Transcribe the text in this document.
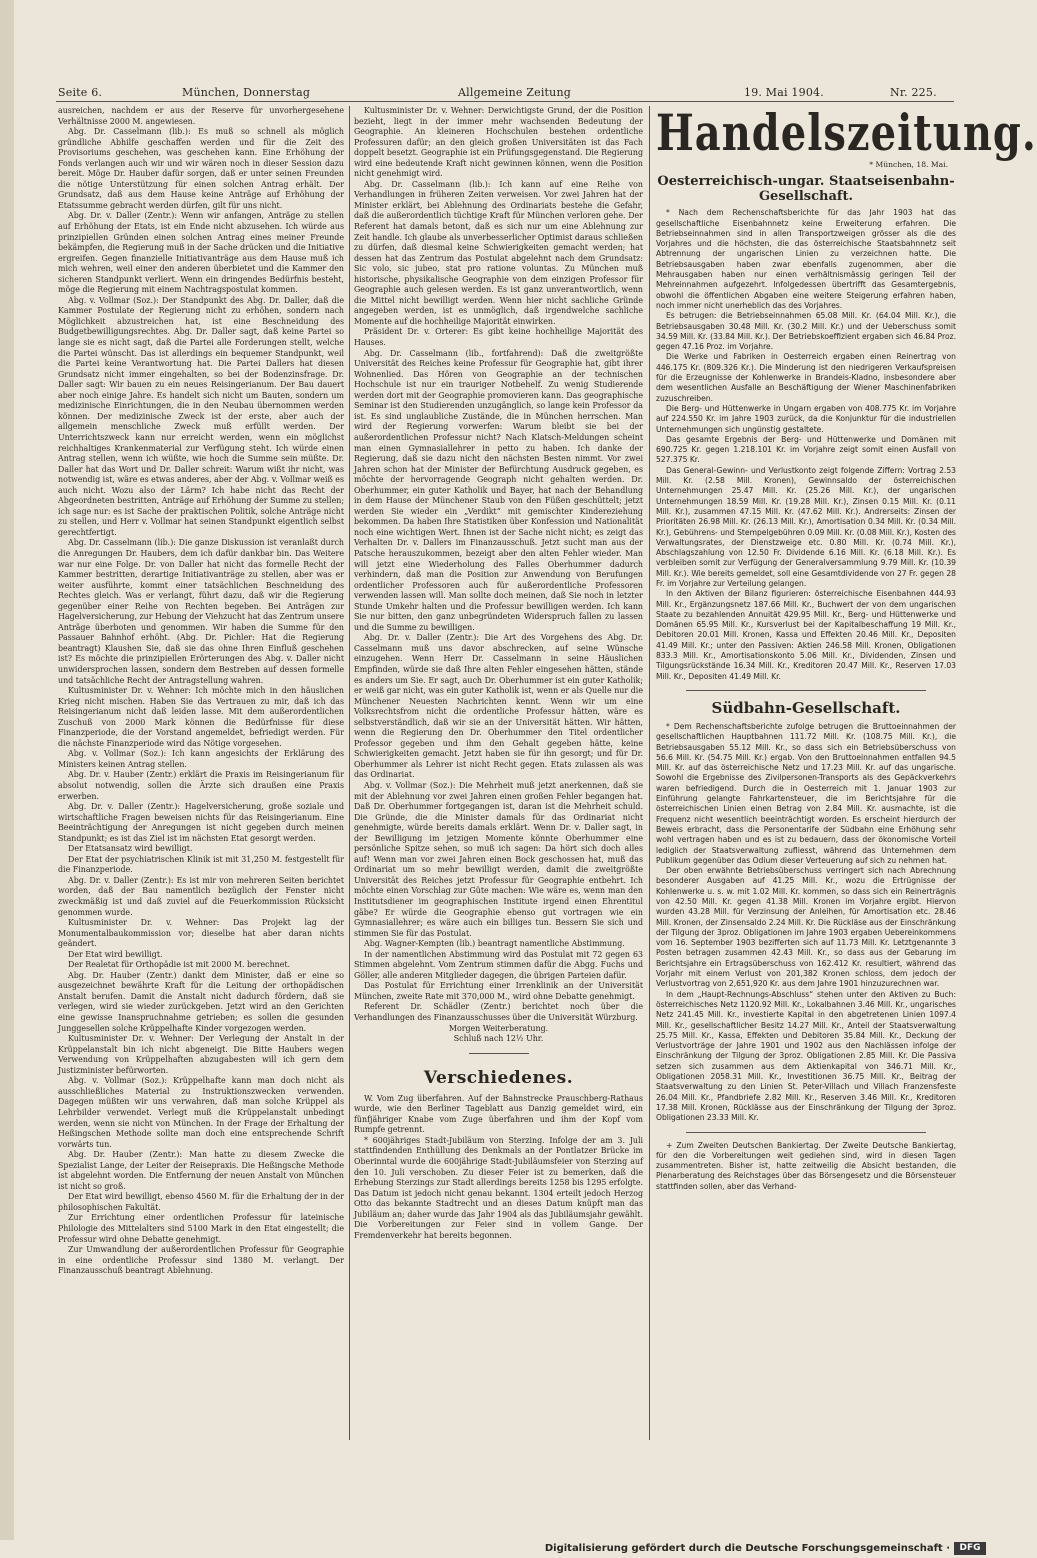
Seite 6.	München, Donnerstag	Allgemeine Zeitung	19. Mai 1904.	Nr. 225.

ausreichen, nachdem er aus der Reserve für unvorhergesehene Verhältnisse 2000 M. angewiesen.

Abg. Dr. Casselmann (lib.): Es muß so schnell als möglich gründliche Abhilfe geschaffen werden und für die Zeit des Provisoriums geschehen, was geschehen kann. Eine Erhöhung der Fonds verlangen auch wir und wir wären noch in dieser Session dazu bereit. Möge Dr. Hauber dafür sorgen, daß er unter seinen Freunden die nötige Unterstützung für einen solchen Antrag erhält. Der Grundsatz, daß aus dem Hause keine Anträge auf Erhöhung der Etatssumme gebracht werden dürfen, gilt für uns nicht.

Abg. Dr. v. Daller (Zentr.): Wenn wir anfangen, Anträge zu stellen auf Erhöhung der Etats, ist ein Ende nicht abzusehen. Ich würde aus prinzipiellen Gründen einen solchen Antrag eines meiner Freunde bekämpfen, die Regierung muß in der Sache drücken und die Initiative ergreifen. Gegen finanzielle Initiativanträge aus dem Hause muß ich mich wehren, weil einer den anderen überbietet und die Kammer den sicheren Standpunkt verliert. Wenn ein dringendes Bedürfnis besteht, möge die Regierung mit einem Nachtragspostulat kommen.

Abg. v. Vollmar (Soz.): Der Standpunkt des Abg. Dr. Daller, daß die Kammer Postulate der Regierung nicht zu erhöhen, sondern nach Möglichkeit abzustreichen hat, ist eine Beschneidung des Budgetbewilligungsrechtes. Abg. Dr. Daller sagt, daß keine Partei so lange sie es nicht sagt, daß die Partei alle Forderungen stellt, welche die Partei wünscht. Das ist allerdings ein bequemer Standpunkt, weil die Partei keine Verantwortung hat. Die Partei Dallers hat diesen Grundsatz nicht immer eingehalten, so bei der Bodenzinsfrage. Dr. Daller sagt: Wir bauen zu ein neues Reisingerianum. Der Bau dauert aber noch einige Jahre. Es handelt sich nicht um Bauten, sondern um medizinische Einrichtungen, die in den Neubau übernommen werden können. Der medizinische Zweck ist der erste, aber auch der allgemein menschliche Zweck muß erfüllt werden. Der Unterrichtszweck kann nur erreicht werden, wenn ein möglichst reichhaltiges Krankenmaterial zur Verfügung steht. Ich würde einen Antrag stellen, wenn ich wüßte, wie hoch die Summe sein müßte. Dr. Daller hat das Wort und Dr. Daller schreit: Warum wißt ihr nicht, was notwendig ist, wäre es etwas anderes, aber der Abg. v. Vollmar weiß es auch nicht. Wozu also der Lärm? Ich habe nicht das Recht der Abgeordneten bestritten, Anträge auf Erhöhung der Summe zu stellen; ich sage nur: es ist Sache der praktischen Politik, solche Anträge nicht zu stellen, und Herr v. Vollmar hat seinen Standpunkt eigentlich selbst gerechtfertigt.

Abg. Dr. Casselmann (lib.): Die ganze Diskussion ist veranlaßt durch die Anregungen Dr. Haubers, dem ich dafür dankbar bin. Das Weitere war nur eine Folge. Dr. von Daller hat nicht das formelle Recht der Kammer bestritten, derartige Initiativanträge zu stellen, aber was er weiter ausführte, kommt einer tatsächlichen Beschneidung des Rechtes gleich. Was er verlangt, führt dazu, daß wir die Regierung gegenüber einer Reihe von Rechten begeben. Bei Anträgen zur Hagelversicherung, zur Hebung der Viehzucht hat das Zentrum unsere Anträge überboten und genommen. Wir haben die Summe für den Passauer Bahnhof erhöht. (Abg. Dr. Pichler: Hat die Regierung beantragt) Klaushen Sie, daß sie das ohne Ihren Einfluß geschehen ist? Es möchte die prinzipiellen Erörterungen des Abg. v. Daller nicht unwidersprochen lassen, sondern dem Bestreben auf dessen formelle und tatsächliche Recht der Antragstellung wahren.

Kultusminister Dr. v. Wehner: Ich möchte mich in den häuslichen Krieg nicht mischen. Haben Sie das Vertrauen zu mir, daß ich das Reisingerianum nicht daß leiden lasse. Mit dem außerordentlichen Zuschuß von 2000 Mark können die Bedürfnisse für diese Finanzperiode, die der Vorstand angemeldet, befriedigt werden. Für die nächste Finanzperiode wird das Nötige vorgesehen.

Abg. v. Vollmar (Soz.): Ich kann angesichts der Erklärung des Ministers keinen Antrag stellen.

Abg. Dr. v. Hauber (Zentr.) erklärt die Praxis im Reisingerianum für absolut notwendig, sollen die Ärzte sich draußen eine Praxis erwerben.

Abg. Dr. v. Daller (Zentr.): Hagelversicherung, große soziale und wirtschaftliche Fragen beweisen nichts für das Reisingerianum. Eine Beeinträchtigung der Anregungen ist nicht gegeben durch meinen Standpunkt; es ist das Ziel ist im nächsten Etat gesorgt werden.

Der Etatsansatz wird bewilligt.

Der Etat der psychiatrischen Klinik ist mit 31,250 M. festgestellt für die Finanzperiode.

Abg. Dr. v. Daller (Zentr.): Es ist mir von mehreren Seiten berichtet worden, daß der Bau namentlich bezüglich der Fenster nicht zweckmäßig ist und daß zuviel auf die Feuerkommission Rücksicht genommen wurde.

Kultusminister Dr. v. Wehner: Das Projekt lag der Monumentalbaukommission vor; dieselbe hat aber daran nichts geändert.

Der Etat wird bewilligt.

Der Realetat für Orthopädie ist mit 2000 M. berechnet.

Abg. Dr. Hauber (Zentr.) dankt dem Minister, daß er eine so ausgezeichnet bewährte Kraft für die Leitung der orthopädischen Anstalt berufen. Damit die Anstalt nicht dadurch fördern, daß sie verlegen, wird sie wieder zurückgeben. Jetzt wird an den Gerichten eine gewisse Inanspruchnahme getrieben; es sollen die gesunden Junggesellen solche Krüppelhafte Kinder vorgezogen werden.

Kultusminister Dr. v. Wehner: Der Verlegung der Anstalt in der Krüppelanstalt bin ich nicht abgeneigt. Die Bitte Haubers wegen Verwendung von Krüppelhaften abzugabesten will ich gern dem Justizminister befürworten.

Abg. v. Vollmar (Soz.): Krüppelhafte kann man doch nicht als ausschließliches Material zu Instruktionszwecken verwenden. Dagegen müßten wir uns verwahren, daß man solche Krüppel als Lehrbilder verwendet. Verlegt muß die Krüppelanstalt unbedingt werden, wenn sie nicht von München. In der Frage der Erhaltung der Heßingschen Methode sollte man doch eine entsprechende Schrift vorwärts tun.

Abg. Dr. Hauber (Zentr.): Man hatte zu diesem Zwecke die Spezialist Lange, der Leiter der Reisepraxis. Die Heßingsche Methode ist abgelehnt worden. Die Entfernung der neuen Anstalt von München ist nicht so groß.

Der Etat wird bewilligt, ebenso 4560 M. für die Erhaltung der in der philosophischen Fakultät.

Zur Errichtung einer ordentlichen Professur für lateinische Philologie des Mittelalters sind 5100 Mark in den Etat eingestellt; die Professur wird ohne Debatte genehmigt.

Zur Umwandlung der außerordentlichen Professur für Geographie in eine ordentliche Professur sind 1380 M. verlangt. Der Finanzausschuß beantragt Ablehnung.

Kultusminister Dr. v. Wehner: Derwichtigste Grund, der die Position bezieht, liegt in der immer mehr wachsenden Bedeutung der Geographie. An kleineren Hochschulen bestehen ordentliche Professuren dafür; an den gleich großen Universitäten ist das Fach doppelt besetzt. Geographie ist ein Prüfungsgegenstand. Die Regierung wird eine bedeutende Kraft nicht gewinnen können, wenn die Position nicht genehmigt wird.

Abg. Dr. Casselmann (lib.): Ich kann auf eine Reihe von Verhandlungen in früheren Zeiten verweisen. Vor zwei Jahren hat der Minister erklärt, bei Ablehnung des Ordinariats bestehe die Gefahr, daß die außerordentlich tüchtige Kraft für München verloren gehe. Der Referent hat damals betont, daß es sich nur um eine Ablehnung zur Zeit handle. Ich glaube als unverbesserlicher Optimist daraus schließen zu dürfen, daß diesmal keine Schwierigkeiten gemacht werden; hat dessen hat das Zentrum das Postulat abgelehnt nach dem Grundsatz: Sic volo, sic jubeo, stat pro ratione voluntas. Zu München muß historische, physikalische Geographie von dem einzigen Professor für Geographie auch gelesen werden. Es ist ganz unverantwortlich, wenn die Mittel nicht bewilligt werden. Wenn hier nicht sachliche Gründe angegeben werden, ist es unmöglich, daß irgendwelche sachliche Momente auf die hochheilige Majorität einwirken.

Präsident Dr. v. Orterer: Es gibt keine hochheilige Majorität des Hauses.

Abg. Dr. Casselmann (lib., fortfahrend): Daß die zweitgrößte Universität des Reiches keine Professur für Geographie hat, gibt ihrer Wohnenlied. Das Hören von Geographie an der technischen Hochschule ist nur ein trauriger Notbehelf. Zu wenig Studierende werden dort mit der Geographie promovieren kann. Das geographische Seminar ist den Studierenden unzugänglich, so lange kein Professor da ist. Es sind unglaubliche Zustände, die in München herrschen. Man wird der Regierung vorwerfen: Warum bleibt sie bei der außerordentlichen Professur nicht? Nach Klatsch-Meldungen scheint man einen Gymnasiallehrer in petto zu haben. Ich danke der Regierung, daß sie dazu nicht den nächsten Besten nimmt. Vor zwei Jahren schon hat der Minister der Befürchtung Ausdruck gegeben, es möchte der hervorragende Geograph nicht gehalten werden. Dr. Oberhummer, ein guter Katholik und Bayer, hat nach der Behandlung in dem Hause der Münchener Staub von den Füßen geschüttelt; jetzt werden Sie wieder ein „Verdikt“ mit gemischter Kindereziehung bekommen. Da haben Ihre Statistiken über Konfession und Nationalität noch eine wichtigen Wert. Ihnen ist der Sache nicht nicht; es zeigt das Verhalten Dr. v. Dallers im Finanzausschuß. Jetzt sucht man aus der Patsche herauszukommen, bezeigt aber den alten Fehler wieder. Man will jetzt eine Wiederholung des Falles Oberhummer dadurch verhindern, daß man die Position zur Anwendung von Berufungen ordentlicher Professoren auch für außerordentliche Professoren verwenden lassen will. Man sollte doch meinen, daß Sie noch in letzter Stunde Umkehr halten und die Professur bewilligen werden. Ich kann Sie nur bitten, den ganz unbegründeten Widerspruch fallen zu lassen und die Summe zu bewilligen.

Abg. Dr. v. Daller (Zentr.): Die Art des Vorgehens des Abg. Dr. Casselmann muß uns davor abschrecken, auf seine Wünsche einzugehen. Wenn Herr Dr. Casselmann in seine Häuslichen Empfinden, würde sie daß Ihre alten Fehler eingesehen hätten, stände es anders um Sie. Er sagt, auch Dr. Oberhummer ist ein guter Katholik; er weiß gar nicht, was ein guter Katholik ist, wenn er als Quelle nur die Münchener Neuesten Nachrichten kennt. Wenn wir um eine Volksrechtsfrom nicht die ordentliche Professur hätten, wäre es selbstverständlich, daß wir sie an der Universität hätten. Wir hätten, wenn die Regierung den Dr. Oberhummer den Titel ordentlicher Professor gegeben und ihm den Gehalt gegeben hätte, keine Schwierigkeiten gemacht. Jetzt haben sie für ihn gesorgt; und für Dr. Oberhummer als Lehrer ist nicht Recht gegen. Etats zulassen als was das Ordinariat.

Abg. v. Vollmar (Soz.): Die Mehrheit muß jetzt anerkennen, daß sie mit der Ablehnung vor zwei Jahren einen großen Fehler begangen hat. Daß Dr. Oberhummer fortgegangen ist, daran ist die Mehrheit schuld. Die Gründe, die die Minister damals für das Ordinariat nicht genehmigte, würde bereits damals erklärt. Wenn Dr. v. Daller sagt, in der Bewilligung im jetzigen Momente könnte Oberhummer eine persönliche Spitze sehen, so muß ich sagen: Da hört sich doch alles auf! Wenn man vor zwei Jahren einen Bock geschossen hat, muß das Ordinariat um so mehr bewilligt werden, damit die zweitgrößte Universität des Reiches jetzt Professur für Geographie entbehrt. Ich möchte einen Vorschlag zur Güte machen: Wie wäre es, wenn man den Institutsdiener im geographischen Institute irgend einen Ehrentitul gäbe? Er würde die Geographie ebenso gut vortragen wie ein Gymnasiallehrer; es wäre auch ein billiges tun. Bessern Sie sich und stimmen Sie für das Postulat.

Abg. Wagner-Kempten (lib.) beantragt namentliche Abstimmung.

In der namentlichen Abstimmung wird das Postulat mit 72 gegen 63 Stimmen abgelehnt. Vom Zentrum stimmen dafür die Abgg. Fuchs und Göller, alle anderen Mitglieder dagegen, die übrigen Parteien dafür.

Das Postulat für Errichtung einer Irrenklinik an der Universität München, zweite Rate mit 370,000 M., wird ohne Debatte genehmigt.

Referent Dr. Schädler (Zentr.) berichtet noch über die Verhandlungen des Finanzausschusses über die Universität Würzburg.

Morgen Weiterberatung.

Schluß nach 12½ Uhr.

Verschiedenes.

W. Vom Zug überfahren. Auf der Bahnstrecke Prauschberg-Rathaus wurde, wie den Berliner Tageblatt aus Danzig gemeldet wird, ein fünfjähriger Knabe vom Zuge überfahren und ihm der Kopf vom Rumpfe getrennt.

* 600jähriges Stadt-Jubiläum von Sterzing. Infolge der am 3. Juli stattfindenden Enthüllung des Denkmals an der Pontlatzer Brücke im Oberinntal wurde die 600jährige Stadt-Jubiläumsfeier von Sterzing auf den 10. Juli verschoben. Zu dieser Feier ist zu bemerken, daß die Erhebung Sterzings zur Stadt allerdings bereits 1258 bis 1295 erfolgte. Das Datum ist jedoch nicht genau bekannt. 1304 erteilt jedoch Herzog Otto das bekannte Stadtrecht und an dieses Datum knüpft man das Jubiläum an; daher wurde das Jahr 1904 als das Jubiläumsjahr gewählt. Die Vorbereitungen zur Feier sind in vollem Gange. Der Fremdenverkehr hat bereits begonnen.

Handelszeitung.

* München, 18. Mai.

Oesterreichisch-ungar. Staatseisenbahn-Gesellschaft.

* Nach dem Rechenschaftsberichte für das Jahr 1903 hat das gesellschaftliche Eisenbahnnetz keine Erweiterung erfahren. Die Betriebseinnahmen sind in allen Transportzweigen grösser als die des Vorjahres und die höchsten, die das österreichische Staatsbahnnetz seit Abtrennung der ungarischen Linien zu verzeichnen hatte. Die Betriebsausgaben haben zwar ebenfalls zugenommen, aber die Mehrausgaben haben nur einen verhältnismässig geringen Teil der Mehreinnahmen aufgezehrt. Infolgedessen übertrifft das Gesamtergebnis, obwohl die öffentlichen Abgaben eine weitere Steigerung erfahren haben, noch immer nicht unerheblich das des Vorjahres.

Es betrugen: die Betriebseinnahmen 65.08 Mill. Kr. (64.04 Mill. Kr.), die Betriebsausgaben 30.48 Mill. Kr. (30.2 Mill. Kr.) und der Ueberschuss somit 34.59 Mill. Kr. (33.84 Mill. Kr.). Der Betriebskoeffizient ergaben sich 46.84 Proz. gegen 47.16 Proz. im Vorjahre.

Die Werke und Fabriken in Oesterreich ergaben einen Reinertrag von 446.175 Kr. (809.326 Kr.). Die Minderung ist den niedrigeren Verkaufspreisen für die Erzeugnisse der Kohlenwerke in Brandeis-Kladno, insbesondere aber dem wesentlichen Ausfalle an Beschäftigung der Wiener Maschinenfabriken zuzuschreiben.

Die Berg- und Hüttenwerke in Ungarn ergaben von 408.775 Kr. im Vorjahre auf 224.550 Kr. im Jahre 1903 zurück, da die Konjunktur für die industriellen Unternehmungen sich ungünstig gestaltete.

Das gesamte Ergebnis der Berg- und Hüttenwerke und Domänen mit 690.725 Kr. gegen 1.218.101 Kr. im Vorjahre zeigt somit einen Ausfall von 527.375 Kr.

Das General-Gewinn- und Verlustkonto zeigt folgende Ziffern: Vortrag 2.53 Mill. Kr. (2.58 Mill. Kronen), Gewinnsaldo der österreichischen Unternehmungen 25.47 Mill. Kr. (25.26 Mill. Kr.), der ungarischen Unternehmungen 18.59 Mill. Kr. (19.28 Mill. Kr.), Zinsen 0.15 Mill. Kr. (0.11 Mill. Kr.), zusammen 47.15 Mill. Kr. (47.62 Mill. Kr.). Andrerseits: Zinsen der Prioritäten 26.98 Mill. Kr. (26.13 Mill. Kr.), Amortisation 0.34 Mill. Kr. (0.34 Mill. Kr.), Gebührens- und Stempelgebühren 0.09 Mill. Kr. (0.08 Mill. Kr.), Kosten des Verwaltungsrates, der Dienstzweige etc. 0.80 Mill. Kr. (0.74 Mill. Kr.), Abschlagszahlung von 12.50 Fr. Dividende 6.16 Mill. Kr. (6.18 Mill. Kr.). Es verbleiben somit zur Verfügung der Generalversammlung 9.79 Mill. Kr. (10.39 Mill. Kr.). Wie bereits gemeldet, soll eine Gesamtdividende von 27 Fr. gegen 28 Fr. im Vorjahre zur Verteilung gelangen.

In den Aktiven der Bilanz figurieren: österreichische Eisenbahnen 444.93 Mill. Kr., Ergänzungsnetz 187.66 Mill. Kr., Buchwert der von dem ungarischen Staate zu bezahlenden Annuität 429.95 Mill. Kr., Berg- und Hüttenwerke und Domänen 65.95 Mill. Kr., Kursverlust bei der Kapitalbeschaffung 19 Mill. Kr., Debitoren 20.01 Mill. Kronen, Kassa und Effekten 20.46 Mill. Kr., Depositen 41.49 Mill. Kr.; unter den Passiven: Aktien 246.58 Mill. Kronen, Obligationen 833.3 Mill. Kr., Amortisationskonto 5.06 Mill. Kr., Dividenden, Zinsen und Tilgungsrückstände 16.34 Mill. Kr., Kreditoren 20.47 Mill. Kr., Reserven 17.03 Mill. Kr., Depositen 41.49 Mill. Kr.

Südbahn-Gesellschaft.

* Dem Rechenschaftsberichte zufolge betrugen die Bruttoeinnahmen der gesellschaftlichen Hauptbahnen 111.72 Mill. Kr. (108.75 Mill. Kr.), die Betriebsausgaben 55.12 Mill. Kr., so dass sich ein Betriebsüberschuss von 56.6 Mill. Kr. (54.75 Mill. Kr.) ergab. Von den Bruttoeinnahmen entfallen 94.5 Mill. Kr. auf das österreichische Netz und 17.23 Mill. Kr. auf das ungarische. Sowohl die Ergebnisse des Zivilpersonen-Transports als des Gepäckverkehrs waren befriedigend. Durch die in Oesterreich mit 1. Januar 1903 zur Einführung gelangte Fahrkartensteuer, die im Berichtsjahre für die österreichischen Linien einen Betrag von 2.84 Mill. Kr. ausmachte, ist die Frequenz nicht wesentlich beeinträchtigt worden. Es erscheint hierdurch der Beweis erbracht, dass die Personentarife der Südbahn eine Erhöhung sehr wohl vertragen haben und es ist zu bedauern, dass der ökonomische Vorteil lediglich der Staatsverwaltung zufliesst, während das Unternehmen dem Publikum gegenüber das Odium dieser Verteuerung auf sich zu nehmen hat.

Der oben erwähnte Betriebsüberschuss verringert sich nach Abrechnung besonderer Ausgaben auf 41.25 Mill. Kr., wozu die Ertrügnisse der Kohlenwerke u. s. w. mit 1.02 Mill. Kr. kommen, so dass sich ein Reinerträgnis von 42.50 Mill. Kr. gegen 41.38 Mill. Kronen im Vorjahre ergibt. Hiervon wurden 43.28 Mill. für Verzinsung der Anleihen, für Amortisation etc. 28.46 Mill. Kronen, der Zinsensaldo 2.24 Mill. Kr. Die Rückläse aus der Einschränkung der Tilgung der 3proz. Obligationen im Jahre 1903 ergaben Uebereinkommens vom 16. September 1903 bezifferten sich auf 11.73 Mill. Kr. Letztgenannte 3 Posten betragen zusammen 42.43 Mill. Kr., so dass aus der Gebarung im Berichtsjahre ein Ertragsüberschuss von 162.412 Kr. resultiert, während das Vorjahr mit einem Verlust von 201,382 Kronen schloss, dem jedoch der Verlustvortrag von 2,651,920 Kr. aus dem Jahre 1901 hinzuzurechnen war.

In dem „Haupt-Rechnungs-Abschluss“ stehen unter den Aktiven zu Buch: österreichisches Netz 1120.92 Mill. Kr., Lokalbahnen 3.46 Mill. Kr., ungarisches Netz 241.45 Mill. Kr., investierte Kapital in den abgetretenen Linien 1097.4 Mill. Kr., gesellschaftlicher Besitz 14.27 Mill. Kr., Anteil der Staatsverwaltung 25.75 Mill. Kr., Kassa, Effekten und Debitoren 35.84 Mill. Kr., Deckung der Verlustvorträge der Jahre 1901 und 1902 aus den Nachlässen infolge der Einschränkung der Tilgung der 3proz. Obligationen 2.85 Mill. Kr. Die Passiva setzen sich zusammen aus dem Aktienkapital von 346.71 Mill. Kr., Obligationen 2058.31 Mill. Kr., Investitionen 36.75 Mill. Kr., Beitrag der Staatsverwaltung zu den Linien St. Peter-Villach und Villach Franzensfeste 26.04 Mill. Kr., Pfandbriefe 2.82 Mill. Kr., Reserven 3.46 Mill. Kr., Kreditoren 17.38 Mill. Kronen, Rücklässe aus der Einschränkung der Tilgung der 3proz. Obligationen 23.33 Mill. Kr.

+ Zum Zweiten Deutschen Bankiertag. Der Zweite Deutsche Bankiertag, für den die Vorbereitungen weit gediehen sind, wird in diesen Tagen zusammentreten. Bisher ist, hatte zeitweilig die Absicht bestanden, die Plenarberatung des Reichstages über das Börsengesetz und die Börsensteuer stattfinden sollen, aber das Verhand-

Digitalisierung gefördert durch die Deutsche Forschungsgemeinschaft ·	DFG
